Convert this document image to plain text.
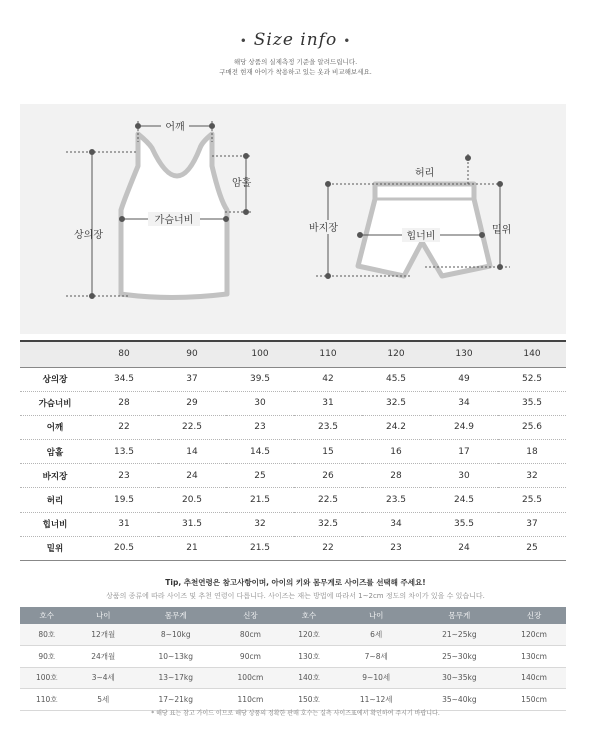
• Size info •
해당 상품의 실제측정 기준을 알려드립니다.
구매전 현재 아이가 착용하고 있는 옷과 비교해보세요.
어깨
암홀
상의장
가슴너비
허리
바지장
힙너비
밑위
	80	90	100	110	120	130	140
상의장	34.5	37	39.5	42	45.5	49	52.5
가슴너비	28	29	30	31	32.5	34	35.5
어깨	22	22.5	23	23.5	24.2	24.9	25.6
암홀	13.5	14	14.5	15	16	17	18
바지장	23	24	25	26	28	30	32
허리	19.5	20.5	21.5	22.5	23.5	24.5	25.5
힙너비	31	31.5	32	32.5	34	35.5	37
밑위	20.5	21	21.5	22	23	24	25
Tip, 추천연령은 참고사항이며, 아이의 키와 몸무게로 사이즈를 선택해 주세요!
상품의 종류에 따라 사이즈 및 추천 연령이 다릅니다. 사이즈는 재는 방법에 따라서 1~2cm 정도의 차이가 있을 수 있습니다.
호수	나이	몸무게	신장	호수	나이	몸무게	신장
80호	12개월	8~10kg	80cm	120호	6세	21~25kg	120cm
90호	24개월	10~13kg	90cm	130호	7~8세	25~30kg	130cm
100호	3~4세	13~17kg	100cm	140호	9~10세	30~35kg	140cm
110호	5세	17~21kg	110cm	150호	11~12세	35~40kg	150cm
* 해당 표는 참고 가이드 이므로 해당 상품의 정확한 판매 호수는 실측 사이즈표에서 확인하여 주시기 바랍니다.
